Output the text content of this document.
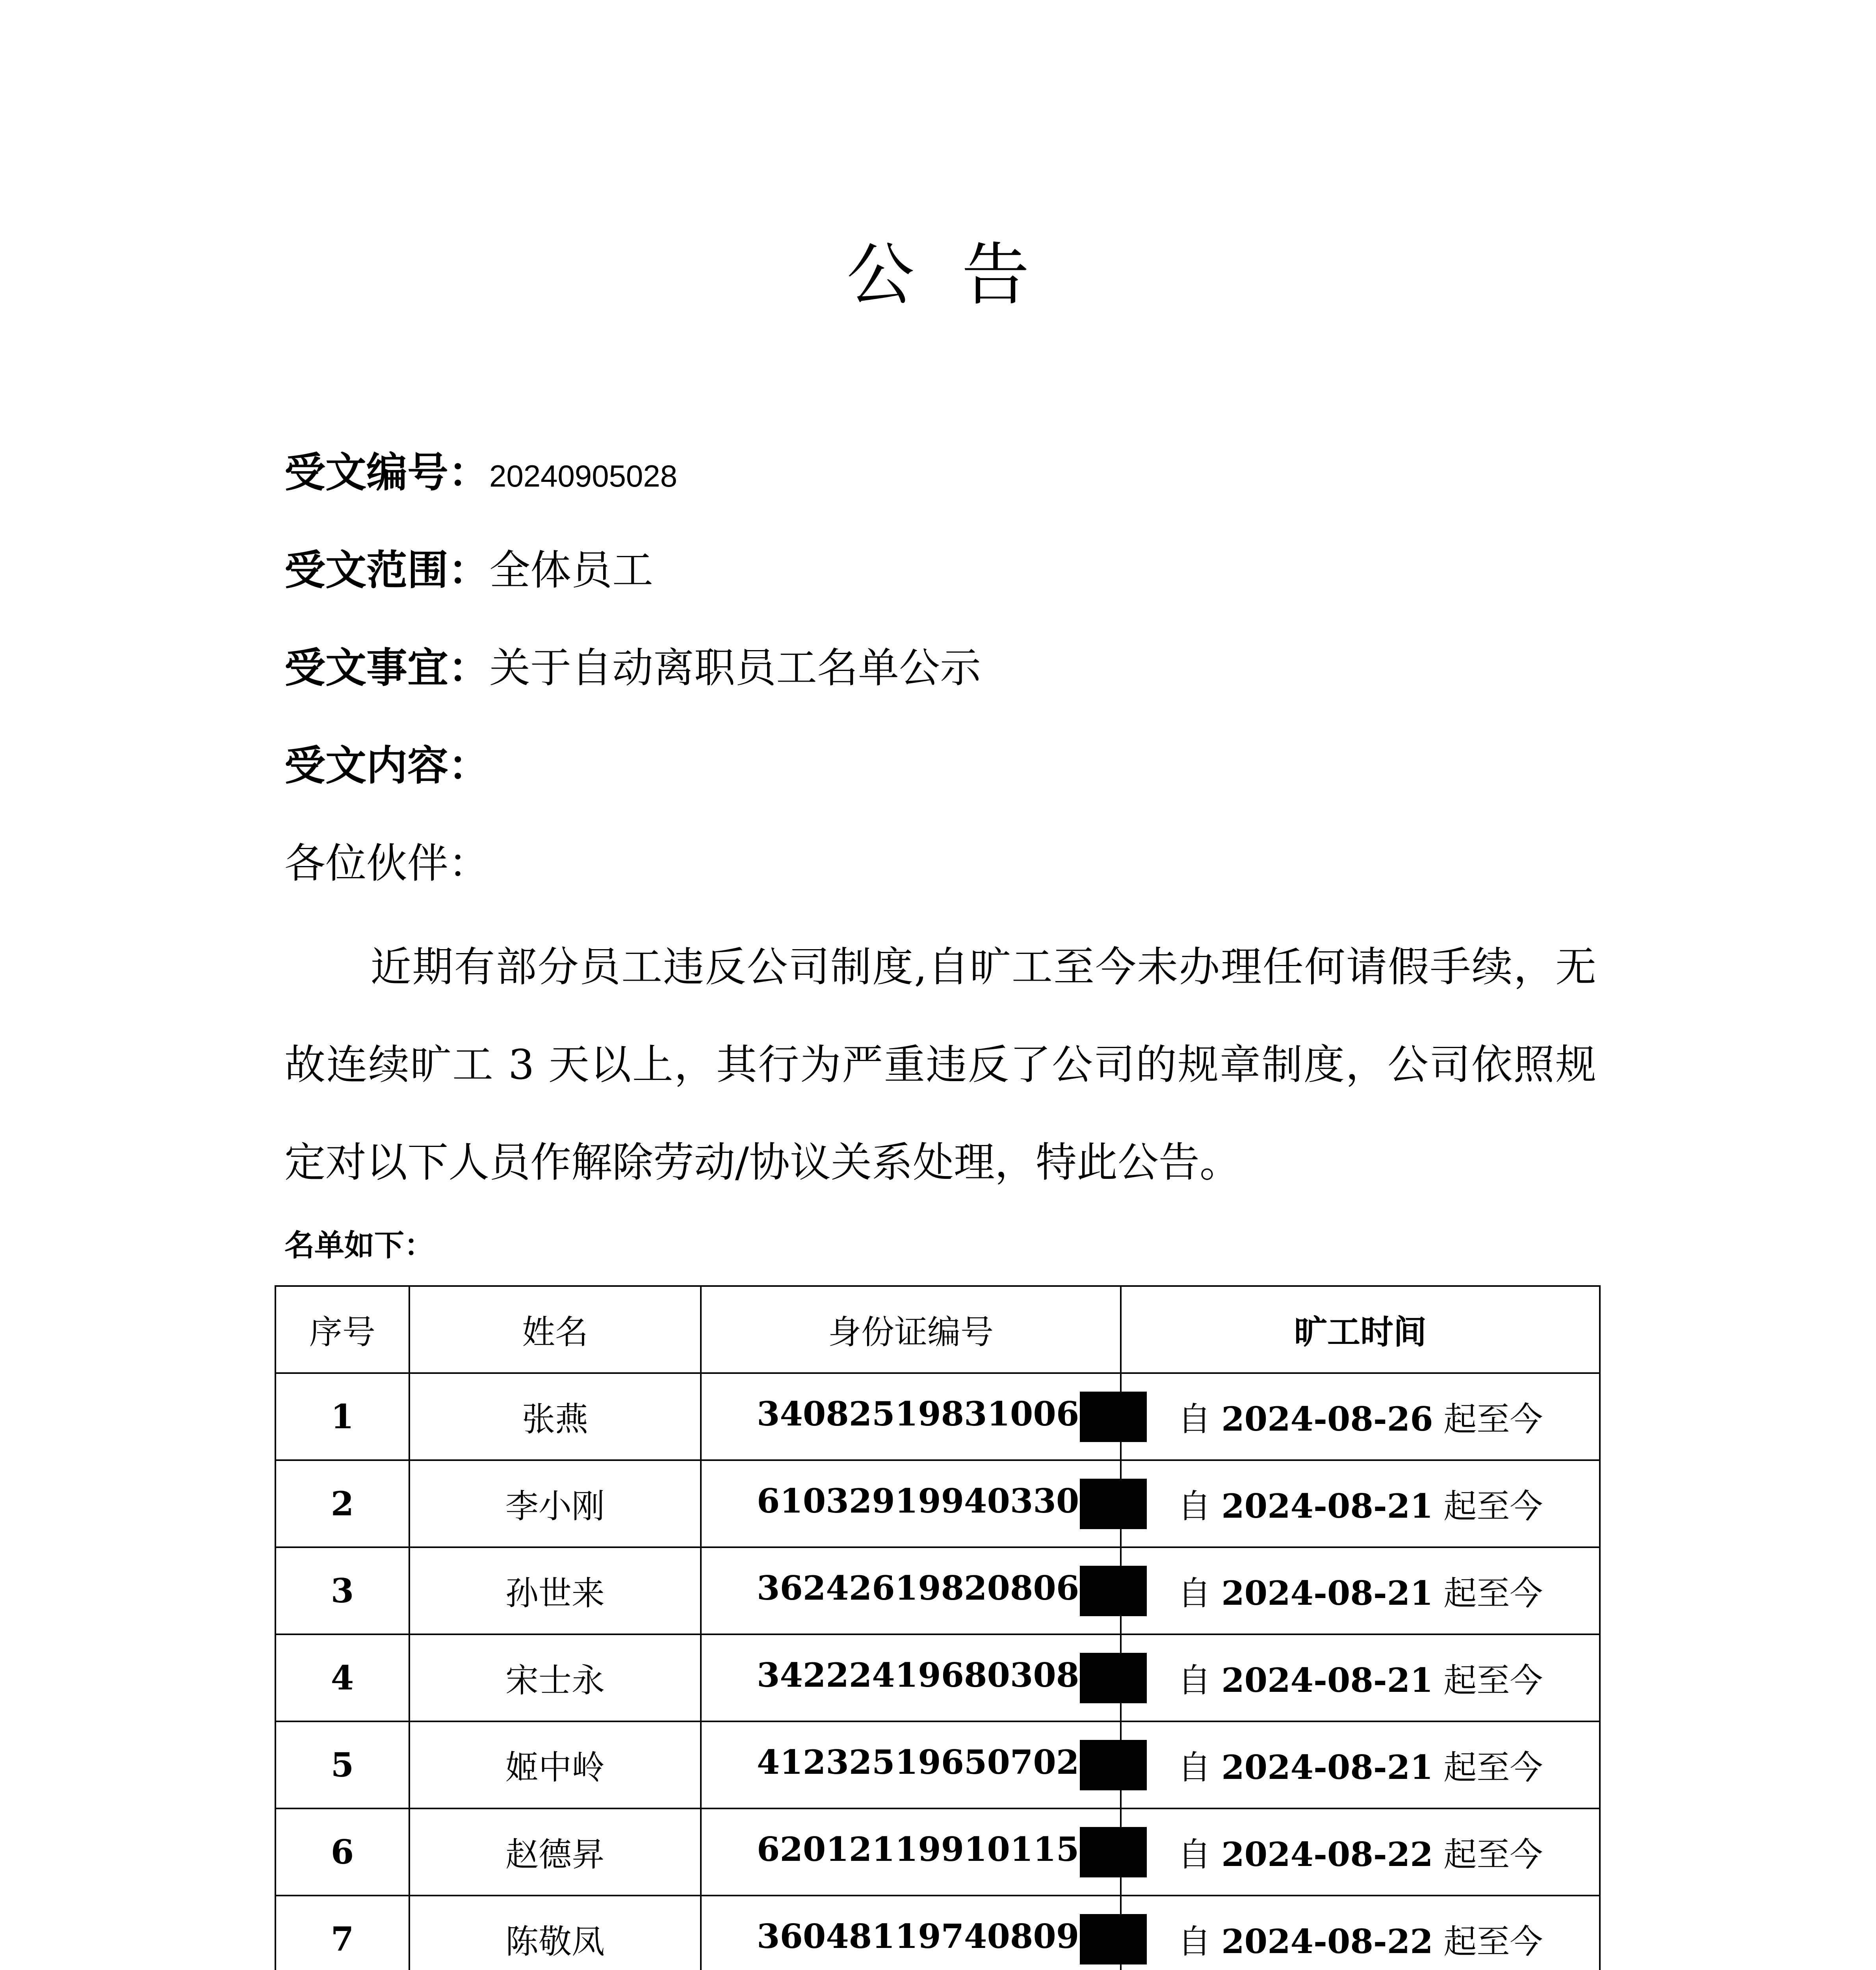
公告
受文编号：20240905028
受文范围：全体员工
受文事宜：关于自动离职员工名单公示
受文内容：
各位伙伴：
近期有部分员工违反公司制度,自旷工至今未办理任何请假手续，无故连续旷工 3 天以上，其行为严重违反了公司的规章制度，公司依照规定对以下人员作解除劳动/协议关系处理，特此公告。
名单如下：
序号	姓名	身份证编号	旷工时间
1	张燕	34082519831006	自 2024-08-26 起至今
2	李小刚	61032919940330	自 2024-08-21 起至今
3	孙世来	36242619820806	自 2024-08-21 起至今
4	宋士永	34222419680308	自 2024-08-21 起至今
5	姬中岭	41232519650702	自 2024-08-21 起至今
6	赵德昇	62012119910115	自 2024-08-22 起至今
7	陈敬凤	36048119740809	自 2024-08-22 起至今
